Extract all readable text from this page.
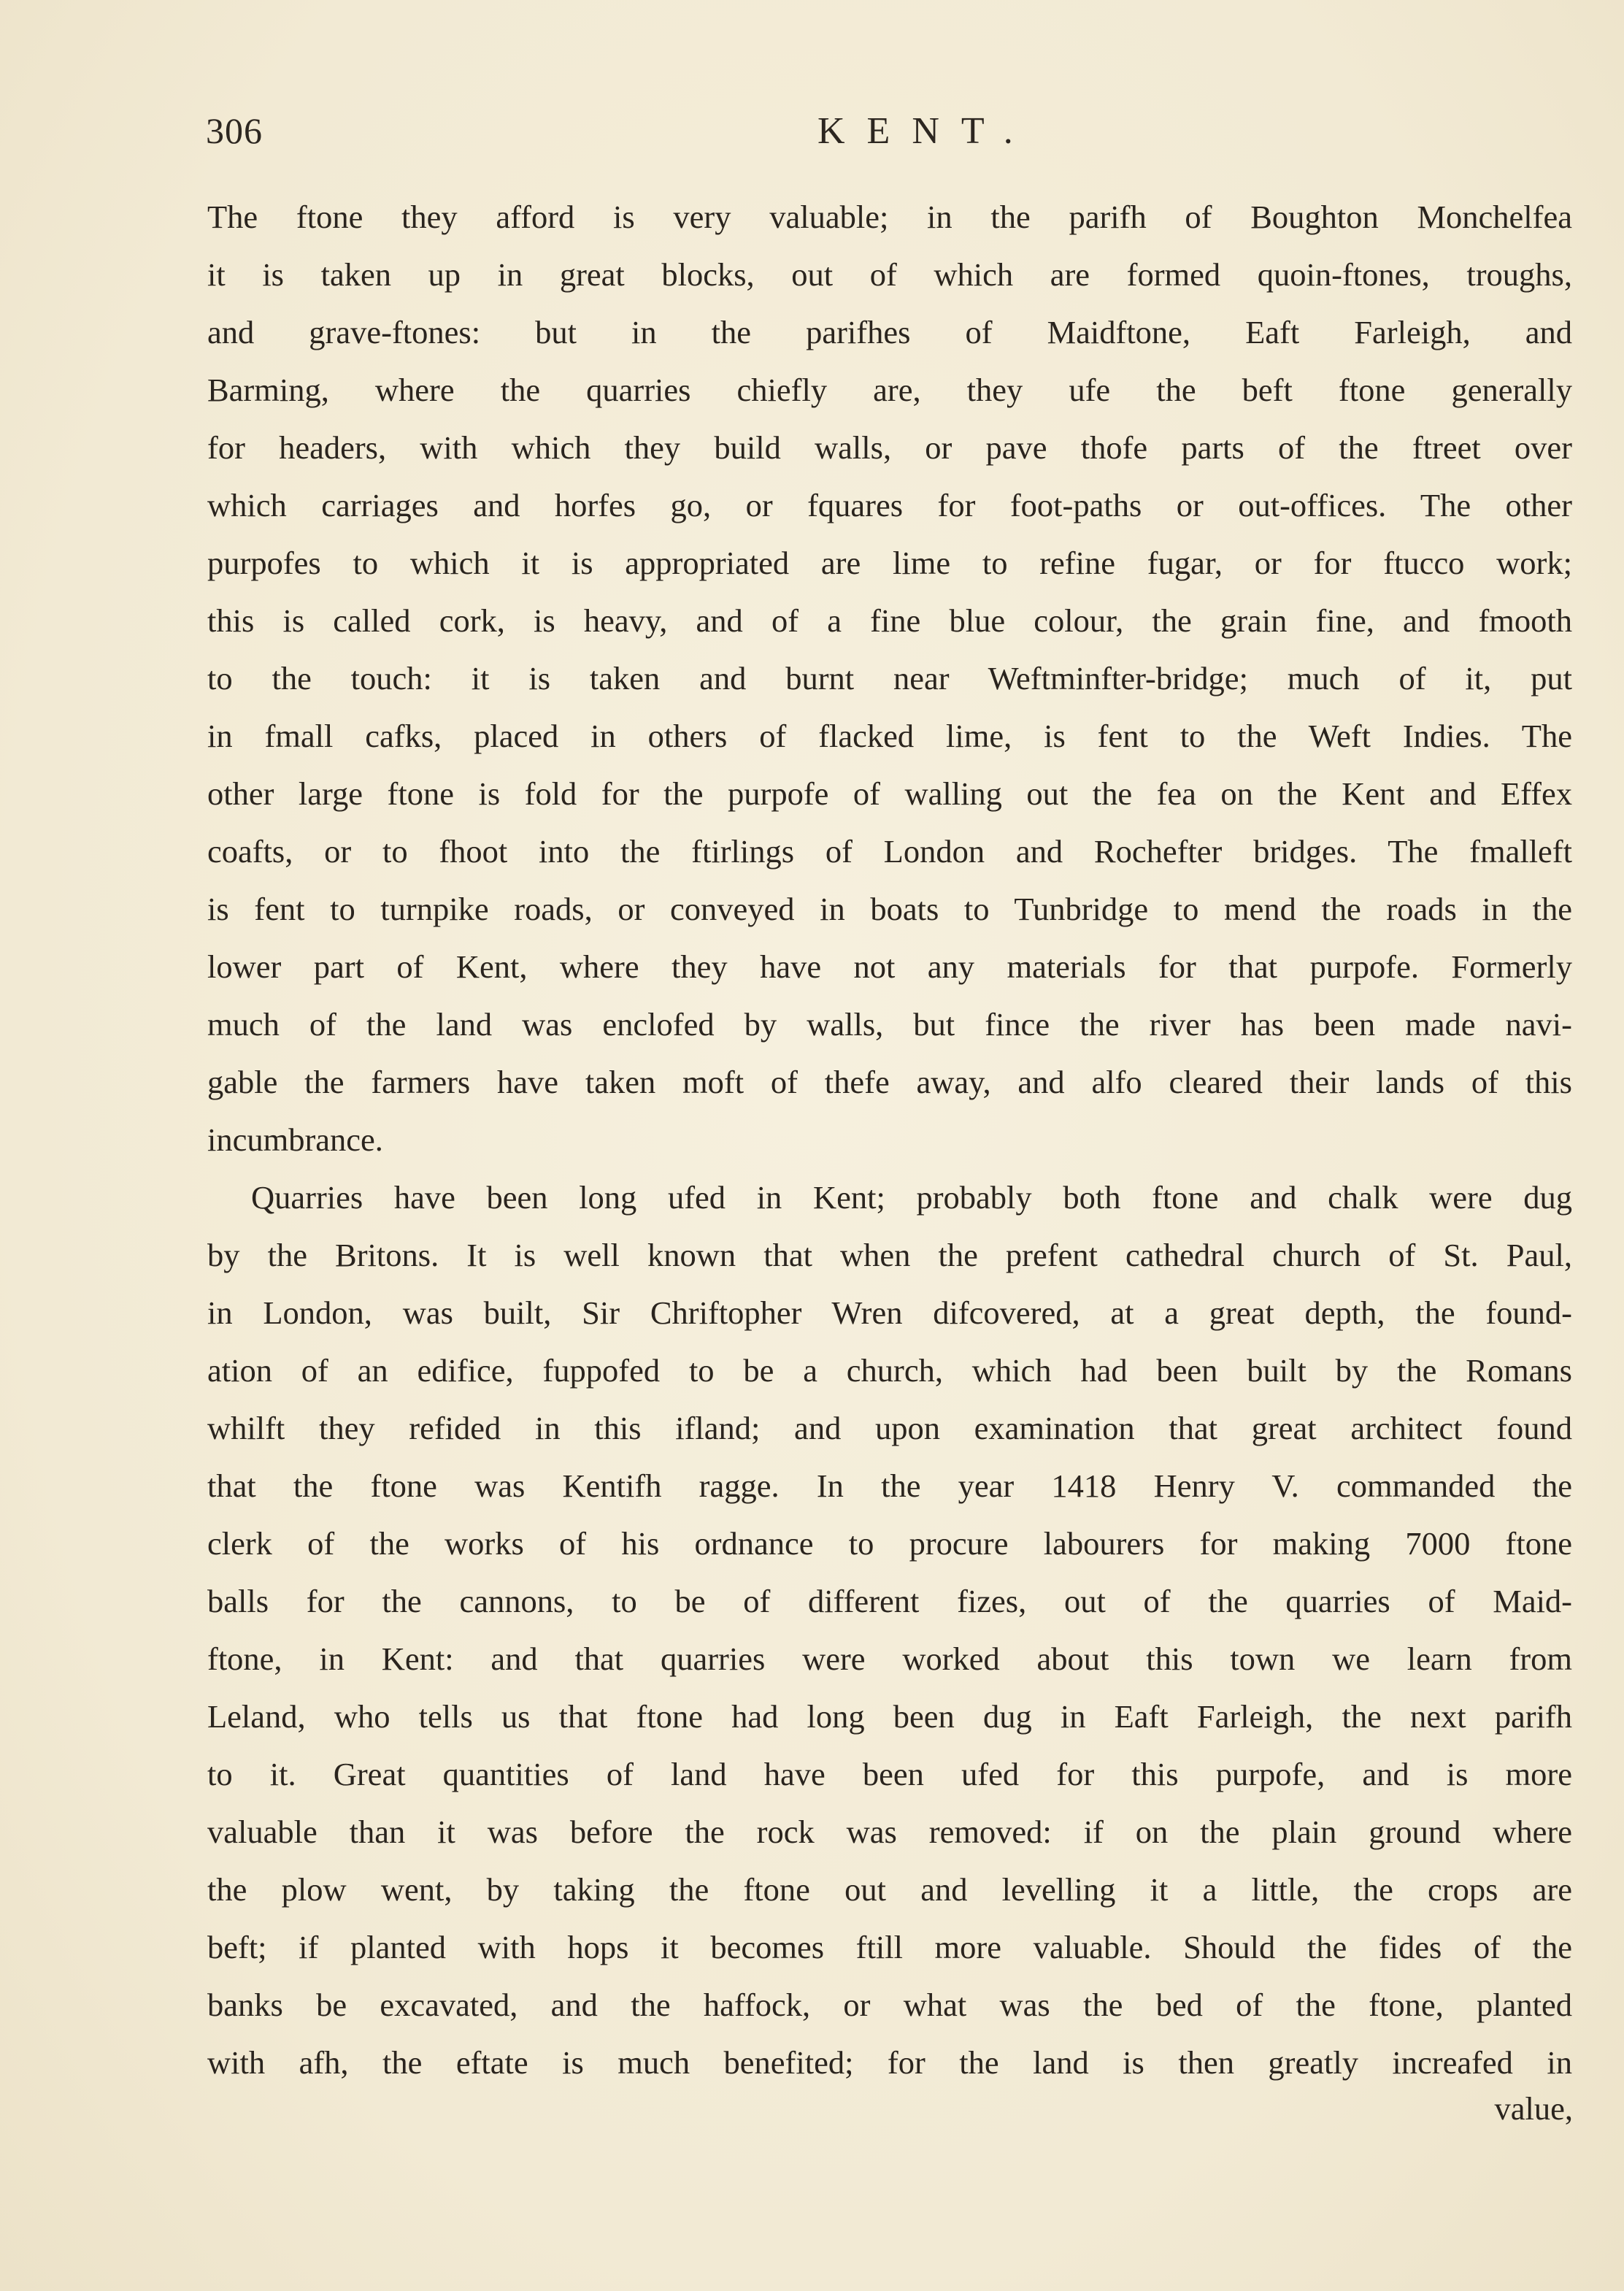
306	KENT.
The ftone they afford is very valuable; in the parifh of Boughton Monchelfea
it is taken up in great blocks, out of which are formed quoin-ftones, troughs,
and grave-ftones: but in the parifhes of Maidftone, Eaft Farleigh, and
Barming, where the quarries chiefly are, they ufe the beft ftone generally
for headers, with which they build walls, or pave thofe parts of the ftreet over
which carriages and horfes go, or fquares for foot-paths or out-offices. The other
purpofes to which it is appropriated are lime to refine fugar, or for ftucco work;
this is called cork, is heavy, and of a fine blue colour, the grain fine, and fmooth
to the touch: it is taken and burnt near Weftminfter-bridge; much of it, put
in fmall cafks, placed in others of flacked lime, is fent to the Weft Indies. The
other large ftone is fold for the purpofe of walling out the fea on the Kent and Effex
coafts, or to fhoot into the ftirlings of London and Rochefter bridges. The fmalleft
is fent to turnpike roads, or conveyed in boats to Tunbridge to mend the roads in the
lower part of Kent, where they have not any materials for that purpofe. Formerly
much of the land was enclofed by walls, but fince the river has been made navi-
gable the farmers have taken moft of thefe away, and alfo cleared their lands of this
incumbrance.
Quarries have been long ufed in Kent; probably both ftone and chalk were dug
by the Britons. It is well known that when the prefent cathedral church of St. Paul,
in London, was built, Sir Chriftopher Wren difcovered, at a great depth, the found-
ation of an edifice, fuppofed to be a church, which had been built by the Romans
whilft they refided in this ifland; and upon examination that great architect found
that the ftone was Kentifh ragge. In the year 1418 Henry V. commanded the
clerk of the works of his ordnance to procure labourers for making 7000 ftone
balls for the cannons, to be of different fizes, out of the quarries of Maid-
ftone, in Kent: and that quarries were worked about this town we learn from
Leland, who tells us that ftone had long been dug in Eaft Farleigh, the next parifh
to it. Great quantities of land have been ufed for this purpofe, and is more
valuable than it was before the rock was removed: if on the plain ground where
the plow went, by taking the ftone out and levelling it a little, the crops are
beft; if planted with hops it becomes ftill more valuable. Should the fides of the
banks be excavated, and the haffock, or what was the bed of the ftone, planted
with afh, the eftate is much benefited; for the land is then greatly increafed in
value,
